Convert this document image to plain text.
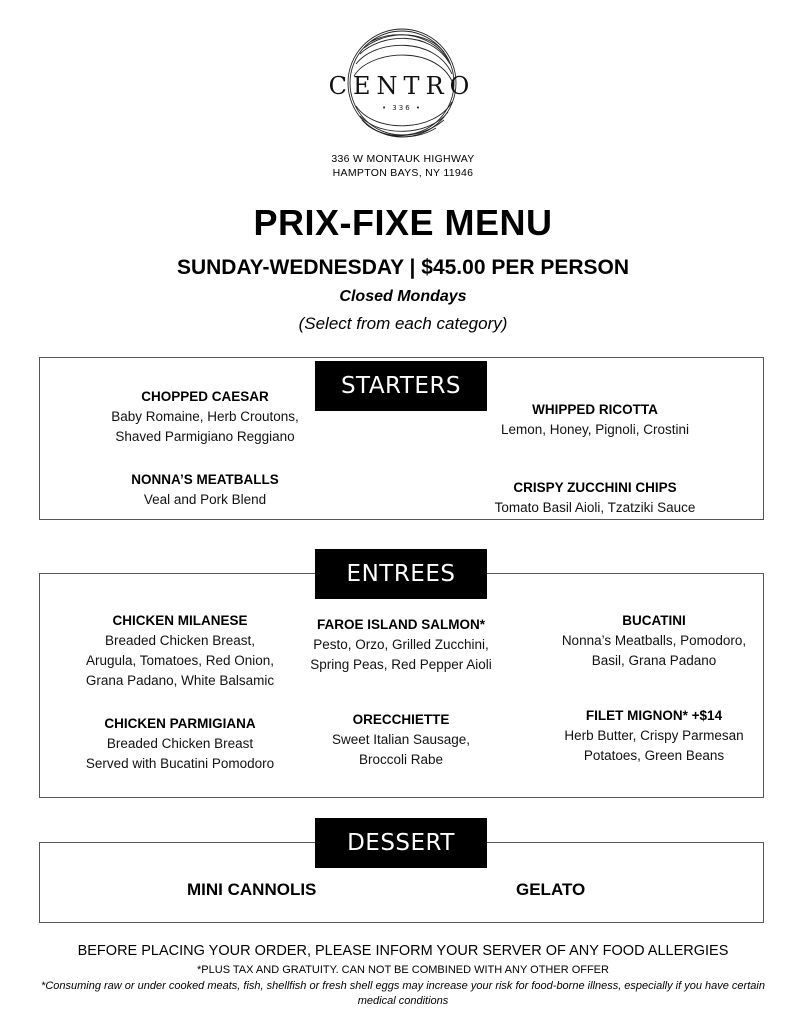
CENTRO
• 336 •
336 W MONTAUK HIGHWAY
HAMPTON BAYS, NY 11946
PRIX-FIXE MENU
SUNDAY-WEDNESDAY | $45.00 PER PERSON
Closed Mondays
(Select from each category)
STARTERS
CHOPPED CAESAR
Baby Romaine, Herb Croutons,
Shaved Parmigiano Reggiano
WHIPPED RICOTTA
Lemon, Honey, Pignoli, Crostini
NONNA’S MEATBALLS
Veal and Pork Blend
CRISPY ZUCCHINI CHIPS
Tomato Basil Aioli, Tzatziki Sauce
ENTREES
CHICKEN MILANESE
Breaded Chicken Breast,
Arugula, Tomatoes, Red Onion,
Grana Padano, White Balsamic
FAROE ISLAND SALMON*
Pesto, Orzo, Grilled Zucchini,
Spring Peas, Red Pepper Aioli
BUCATINI
Nonna’s Meatballs, Pomodoro,
Basil, Grana Padano
CHICKEN PARMIGIANA
Breaded Chicken Breast
Served with Bucatini Pomodoro
ORECCHIETTE
Sweet Italian Sausage,
Broccoli Rabe
FILET MIGNON* +$14
Herb Butter, Crispy Parmesan
Potatoes, Green Beans
DESSERT
MINI CANNOLIS	GELATO
BEFORE PLACING YOUR ORDER, PLEASE INFORM YOUR SERVER OF ANY FOOD ALLERGIES
*PLUS TAX AND GRATUITY. CAN NOT BE COMBINED WITH ANY OTHER OFFER
*Consuming raw or under cooked meats, fish, shellfish or fresh shell eggs may increase your risk for food-borne illness, especially if you have certain medical conditions
